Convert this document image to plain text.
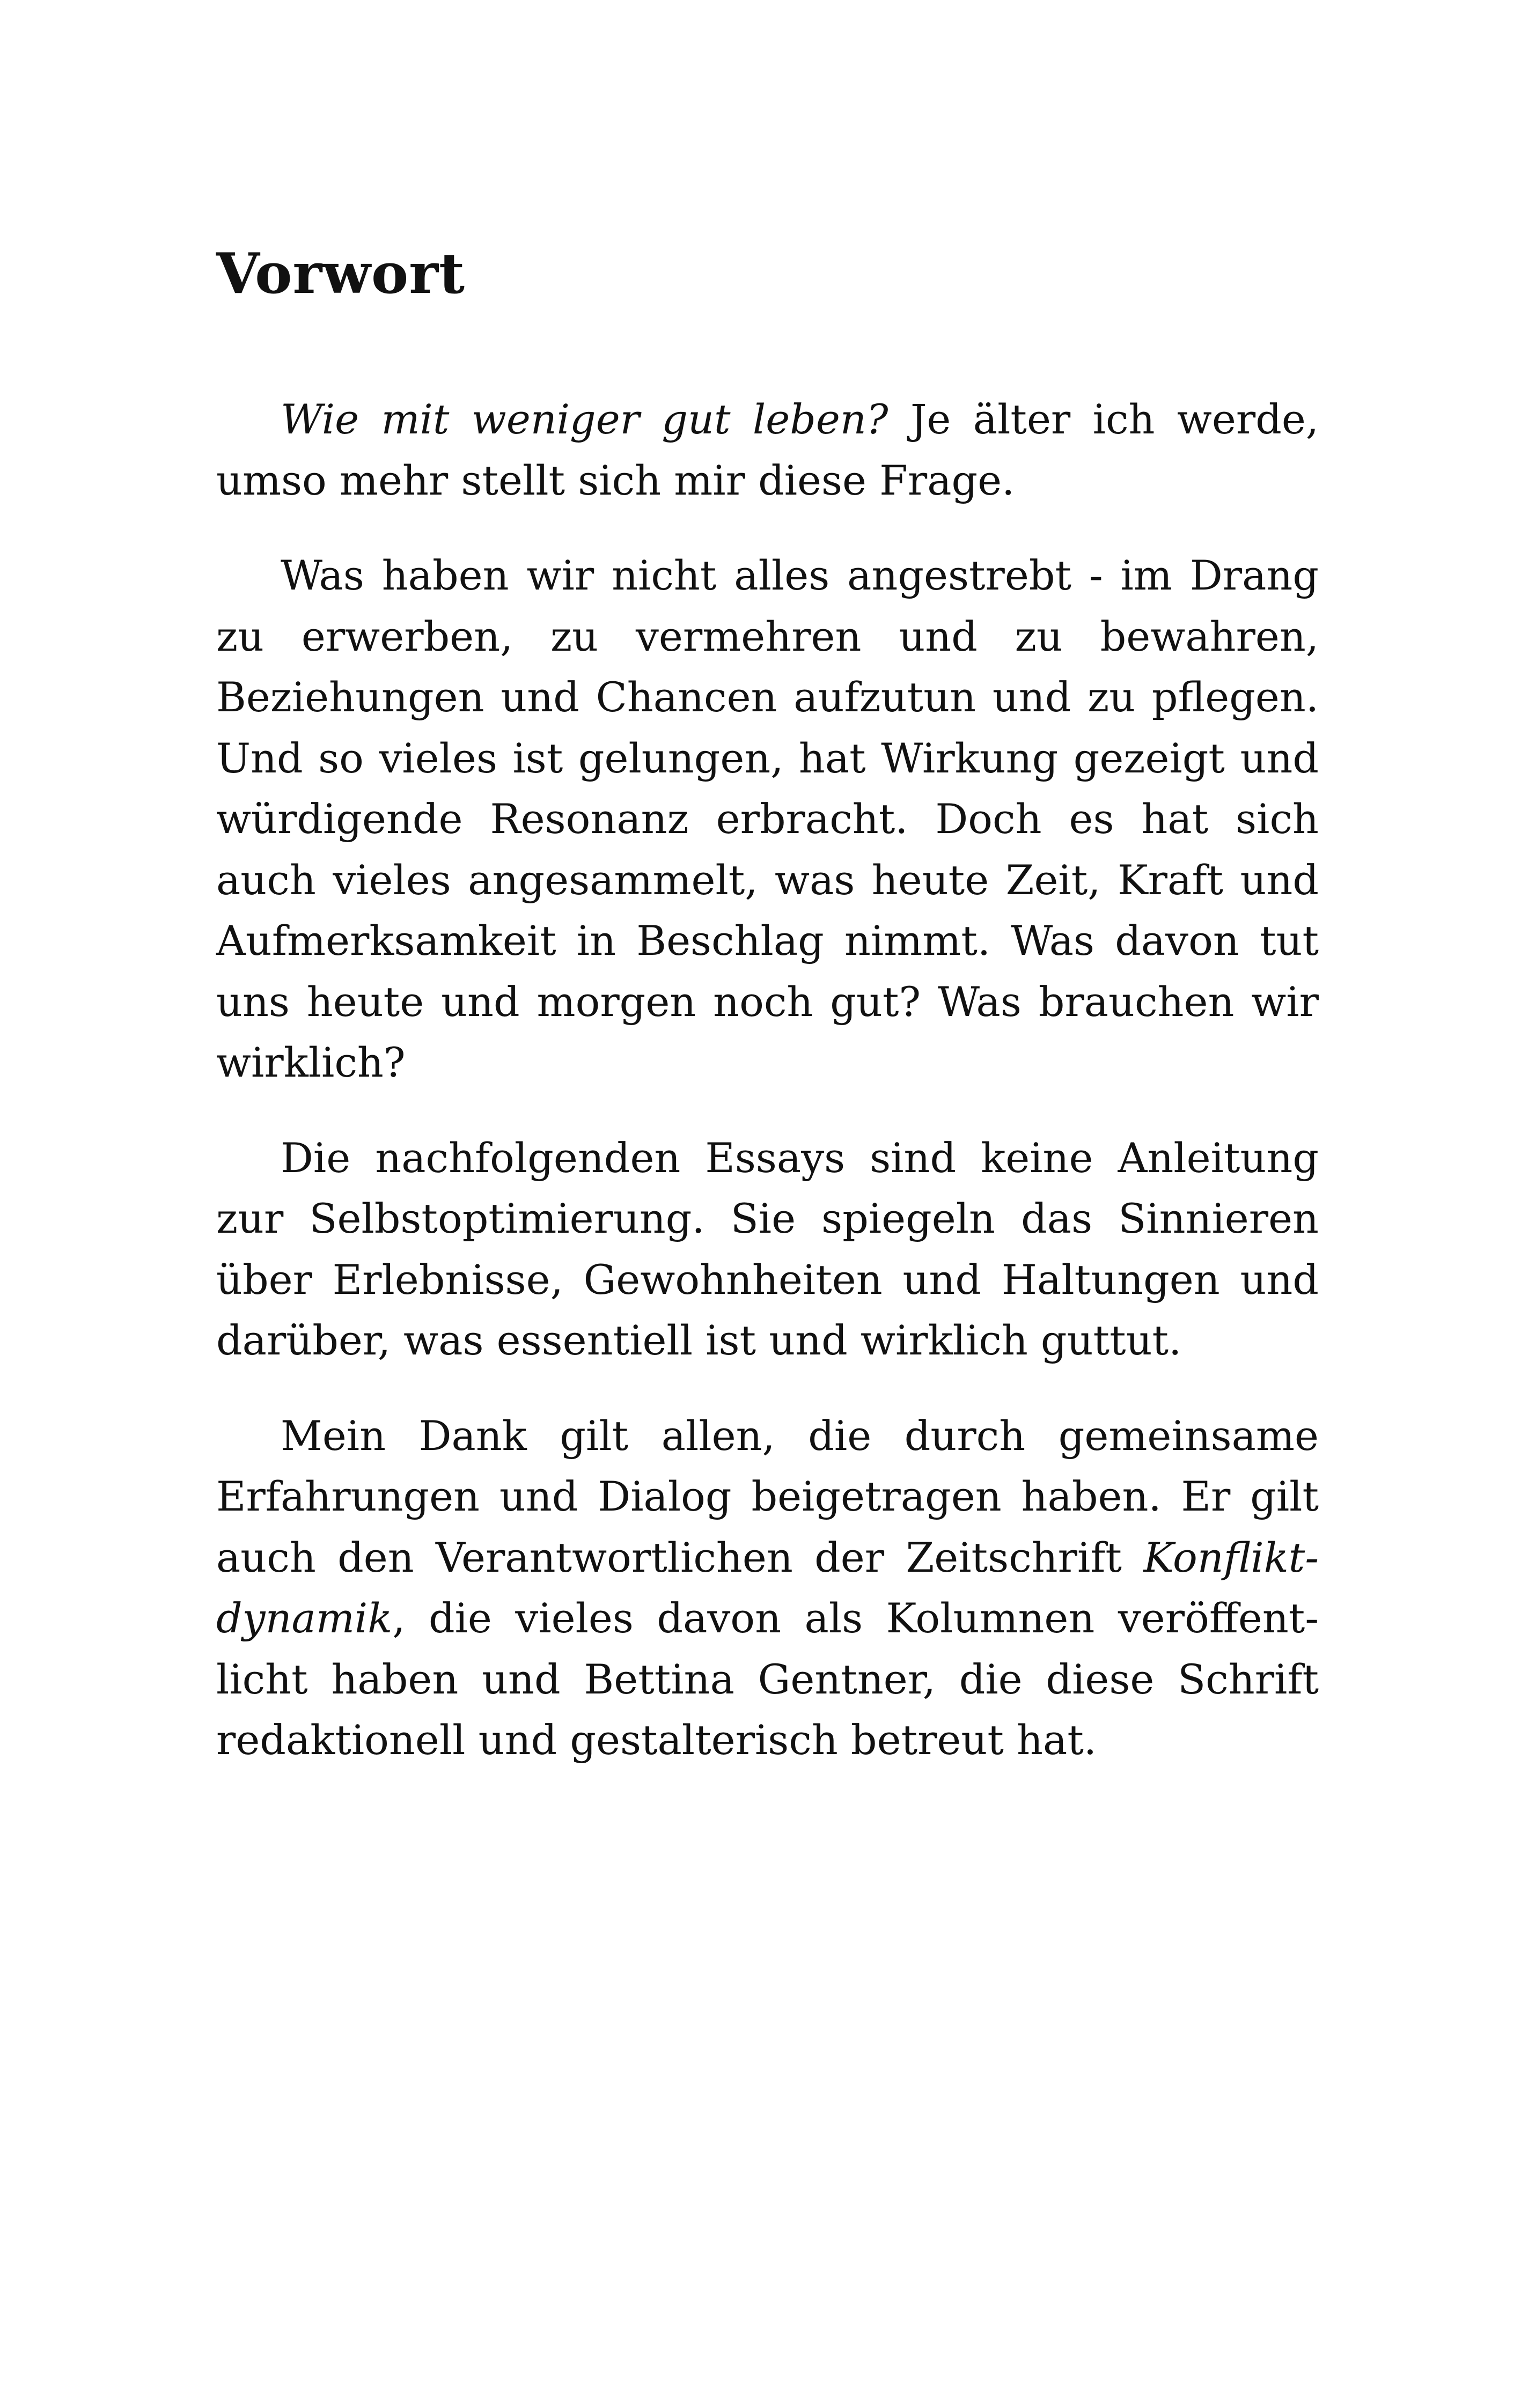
Vorwort

Wie mit weniger gut leben? Je älter ich werde, umso mehr stellt sich mir diese Frage.

Was haben wir nicht alles angestrebt - im Drang zu erwerben, zu vermehren und zu bewahren, Beziehungen und Chancen aufzutun und zu pflegen. Und so vieles ist gelungen, hat Wirkung gezeigt und würdigende Resonanz erbracht. Doch es hat sich auch vieles angesammelt, was heute Zeit, Kraft und Aufmerksamkeit in Beschlag nimmt. Was davon tut uns heute und morgen noch gut? Was brauchen wir wirklich?

Die nachfolgenden Essays sind keine Anleitung zur Selbstoptimierung. Sie spiegeln das Sinnieren über Erlebnisse, Gewohnheiten und Haltungen und darüber, was essentiell ist und wirklich guttut.

Mein Dank gilt allen, die durch gemeinsame Erfahrungen und Dialog beigetragen haben. Er gilt auch den Verantwortlichen der Zeitschrift Konfliktdynamik, die vieles davon als Kolumnen veröffentlicht haben und Bettina Gentner, die diese Schrift redaktionell und gestalterisch betreut hat.
